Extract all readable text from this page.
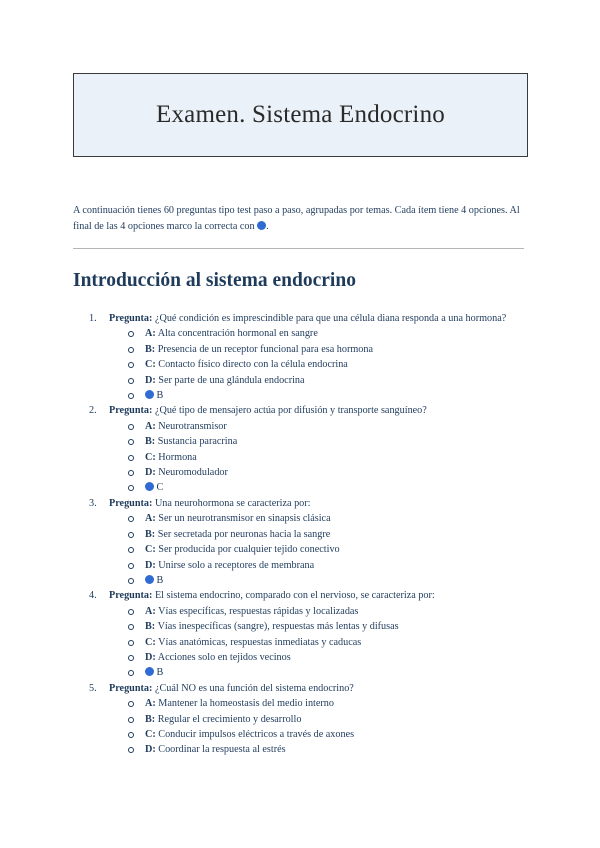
Examen. Sistema Endocrino
A continuación tienes 60 preguntas tipo test paso a paso, agrupadas por temas. Cada ítem tiene 4 opciones. Al final de las 4 opciones marco la correcta con .
Introducción al sistema endocrino
1. Pregunta: ¿Qué condición es imprescindible para que una célula diana responda a una hormona?
A: Alta concentración hormonal en sangre
B: Presencia de un receptor funcional para esa hormona
C: Contacto físico directo con la célula endocrina
D: Ser parte de una glándula endocrina
B
2. Pregunta: ¿Qué tipo de mensajero actúa por difusión y transporte sanguíneo?
A: Neurotransmisor
B: Sustancia paracrina
C: Hormona
D: Neuromodulador
C
3. Pregunta: Una neurohormona se caracteriza por:
A: Ser un neurotransmisor en sinapsis clásica
B: Ser secretada por neuronas hacia la sangre
C: Ser producida por cualquier tejido conectivo
D: Unirse solo a receptores de membrana
B
4. Pregunta: El sistema endocrino, comparado con el nervioso, se caracteriza por:
A: Vías específicas, respuestas rápidas y localizadas
B: Vías inespecíficas (sangre), respuestas más lentas y difusas
C: Vías anatómicas, respuestas inmediatas y caducas
D: Acciones solo en tejidos vecinos
B
5. Pregunta: ¿Cuál NO es una función del sistema endocrino?
A: Mantener la homeostasis del medio interno
B: Regular el crecimiento y desarrollo
C: Conducir impulsos eléctricos a través de axones
D: Coordinar la respuesta al estrés
